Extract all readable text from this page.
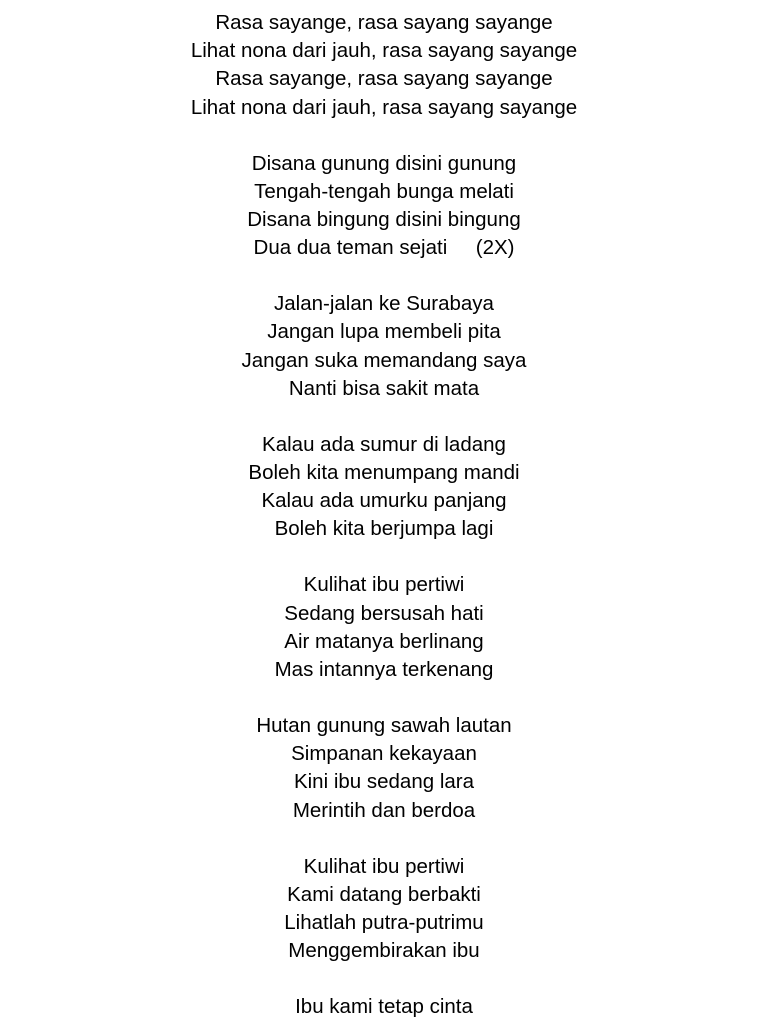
Rasa sayange, rasa sayang sayange
Lihat nona dari jauh, rasa sayang sayange
Rasa sayange, rasa sayang sayange
Lihat nona dari jauh, rasa sayang sayange
Disana gunung disini gunung
Tengah-tengah bunga melati
Disana bingung disini bingung
Dua dua teman sejati     (2X)
Jalan-jalan ke Surabaya
Jangan lupa membeli pita
Jangan suka memandang saya
Nanti bisa sakit mata
Kalau ada sumur di ladang
Boleh kita menumpang mandi
Kalau ada umurku panjang
Boleh kita berjumpa lagi
Kulihat ibu pertiwi
Sedang bersusah hati
Air matanya berlinang
Mas intannya terkenang
Hutan gunung sawah lautan
Simpanan kekayaan
Kini ibu sedang lara
Merintih dan berdoa
Kulihat ibu pertiwi
Kami datang berbakti
Lihatlah putra-putrimu
Menggembirakan ibu
Ibu kami tetap cinta
